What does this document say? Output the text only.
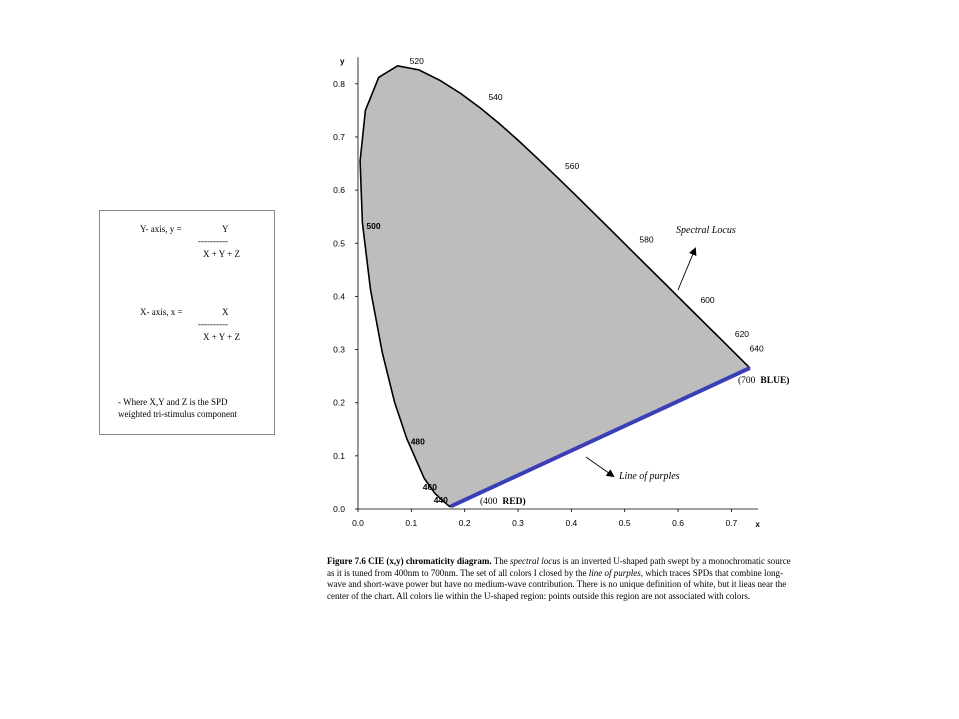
Y- axis, y =	Y
----------
X + Y + Z
X- axis, x =	X
----------
X + Y + Z
- Where X,Y and Z is the SPD
weighted tri-stimulus component
0.0	0.1	0.2	0.3	0.4	0.5	0.6	0.7
0.0
0.1
0.2
0.3
0.4
0.5
0.6
0.7
0.8
x
y	520
540
560
580
600
620
640
500
480
460
440
Spectral Locus
Line of purples
(700 BLUE)
(400 RED)
Figure 7.6 CIE (x,y) chromaticity diagram. The spectral locus is an inverted U-shaped path swept by a monochromatic source as it is tuned from 400nm to 700nm. The set of all colors I closed by the line of purples, which traces SPDs that combine long-wave and short-wave power but have no medium-wave contribution. There is no unique definition of white, but it lieas near the center of the chart. All colors lie within the U-shaped region: points outside this region are not associated with colors.
